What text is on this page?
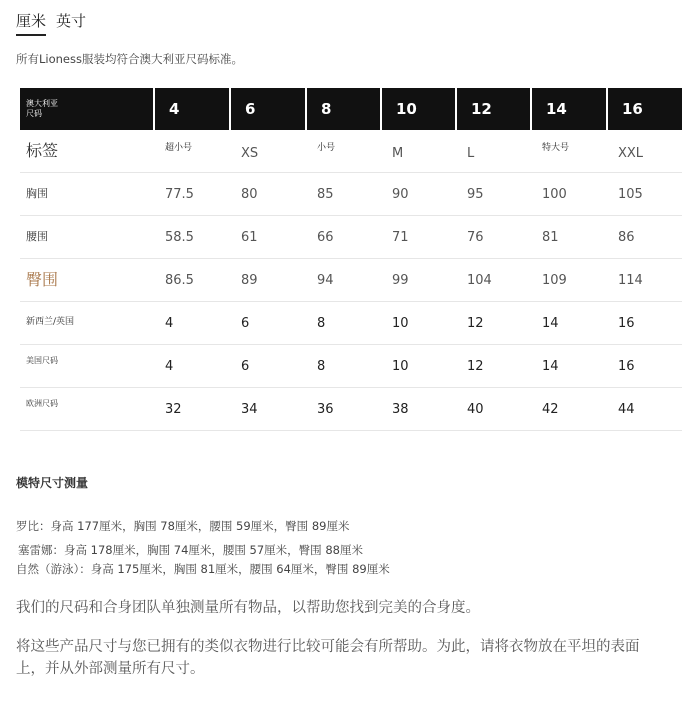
厘米 英寸
所有Lioness服装均符合澳大利亚尺码标准。
澳大利亚
尺码	4	6	8	10	12	14	16
标签	超小号	XS	小号	M	L	特大号	XXL
胸围	77.5	80	85	90	95	100	105
腰围	58.5	61	66	71	76	81	86
臀围	86.5	89	94	99	104	109	114
新西兰/英国	4	6	8	10	12	14	16
美国尺码	4	6	8	10	12	14	16
欧洲尺码	32	34	36	38	40	42	44
模特尺寸测量
罗比：身高 177厘米，胸围 78厘米，腰围 59厘米，臀围 89厘米
塞雷娜：身高 178厘米，胸围 74厘米，腰围 57厘米，臀围 88厘米
自然（游泳）：身高 175厘米，胸围 81厘米，腰围 64厘米，臀围 89厘米
我们的尺码和合身团队单独测量所有物品，以帮助您找到完美的合身度。
将这些产品尺寸与您已拥有的类似衣物进行比较可能会有所帮助。为此，请将衣物放在平坦的表面上，并从外部测量所有尺寸。
